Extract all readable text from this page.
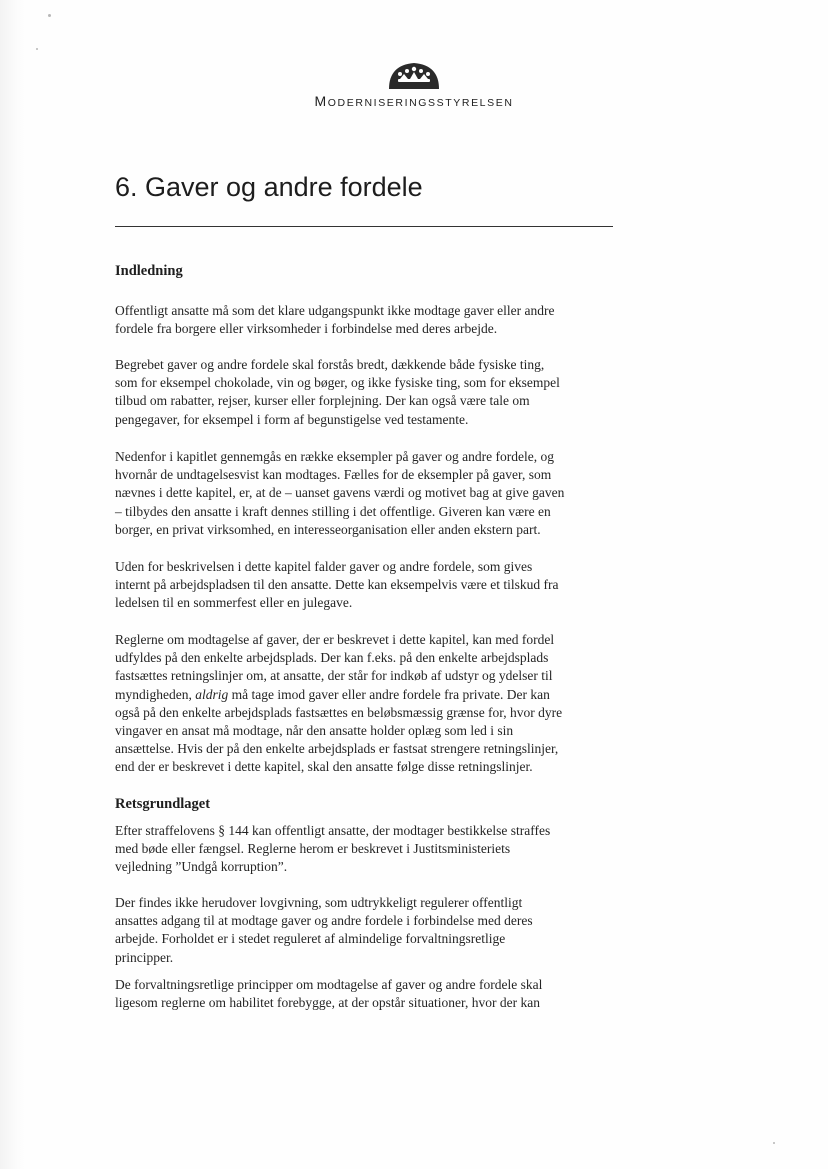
MODERNISERINGSSTYRELSEN
6. Gaver og andre fordele
Indledning

Offentligt ansatte må som det klare udgangspunkt ikke modtage gaver eller andre
fordele fra borgere eller virksomheder i forbindelse med deres arbejde.

Begrebet gaver og andre fordele skal forstås bredt, dækkende både fysiske ting,
som for eksempel chokolade, vin og bøger, og ikke fysiske ting, som for eksempel
tilbud om rabatter, rejser, kurser eller forplejning. Der kan også være tale om
pengegaver, for eksempel i form af begunstigelse ved testamente.

Nedenfor i kapitlet gennemgås en række eksempler på gaver og andre fordele, og
hvornår de undtagelsesvist kan modtages. Fælles for de eksempler på gaver, som
nævnes i dette kapitel, er, at de – uanset gavens værdi og motivet bag at give gaven
– tilbydes den ansatte i kraft dennes stilling i det offentlige. Giveren kan være en
borger, en privat virksomhed, en interesseorganisation eller anden ekstern part.

Uden for beskrivelsen i dette kapitel falder gaver og andre fordele, som gives
internt på arbejdspladsen til den ansatte. Dette kan eksempelvis være et tilskud fra
ledelsen til en sommerfest eller en julegave.

Reglerne om modtagelse af gaver, der er beskrevet i dette kapitel, kan med fordel
udfyldes på den enkelte arbejdsplads. Der kan f.eks. på den enkelte arbejdsplads
fastsættes retningslinjer om, at ansatte, der står for indkøb af udstyr og ydelser til
myndigheden, aldrig må tage imod gaver eller andre fordele fra private. Der kan
også på den enkelte arbejdsplads fastsættes en beløbsmæssig grænse for, hvor dyre
vingaver en ansat må modtage, når den ansatte holder oplæg som led i sin
ansættelse. Hvis der på den enkelte arbejdsplads er fastsat strengere retningslinjer,
end der er beskrevet i dette kapitel, skal den ansatte følge disse retningslinjer.

Retsgrundlaget

Efter straffelovens § 144 kan offentligt ansatte, der modtager bestikkelse straffes
med bøde eller fængsel. Reglerne herom er beskrevet i Justitsministeriets
vejledning ”Undgå korruption”.

Der findes ikke herudover lovgivning, som udtrykkeligt regulerer offentligt
ansattes adgang til at modtage gaver og andre fordele i forbindelse med deres
arbejde. Forholdet er i stedet reguleret af almindelige forvaltningsretlige
principper.

De forvaltningsretlige principper om modtagelse af gaver og andre fordele skal
ligesom reglerne om habilitet forebygge, at der opstår situationer, hvor der kan
